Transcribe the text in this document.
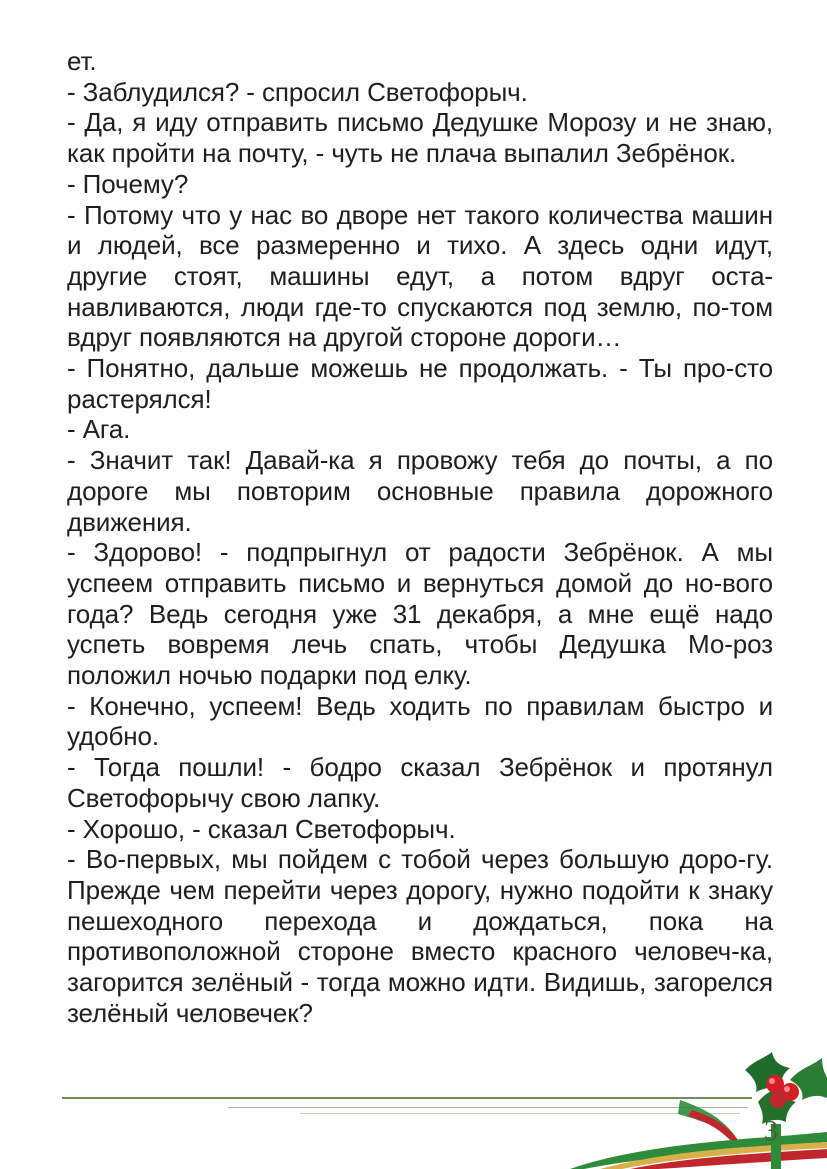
ет.

- Заблудился? - спросил Светофорыч.

- Да, я иду отправить письмо Дедушке Морозу и не знаю, как пройти на почту, - чуть не плача выпалил Зебрёнок.

- Почему?

- Потому что у нас во дворе нет такого количества машин и людей, все размеренно и тихо. А здесь одни идут, другие стоят, машины едут, а потом вдруг оста-навливаются, люди где-то спускаются под землю, по-том вдруг появляются на другой стороне дороги…

- Понятно, дальше можешь не продолжать. - Ты про-сто растерялся!

- Ага.

- Значит так! Давай-ка я провожу тебя до почты, а по дороге мы повторим основные правила дорожного движения.

- Здорово! - подпрыгнул от радости Зебрёнок. А мы успеем отправить письмо и вернуться домой до но-вого года? Ведь сегодня уже 31 декабря, а мне ещё надо успеть вовремя лечь спать, чтобы Дедушка Мо-роз положил ночью подарки под елку.

- Конечно, успеем! Ведь ходить по правилам быстро и удобно.

- Тогда пошли! - бодро сказал Зебрёнок и протянул Светофорычу свою лапку.

- Хорошо, - сказал Светофорыч.

- Во-первых, мы пойдем с тобой через большую доро-гу. Прежде чем перейти через дорогу, нужно подойти к знаку пешеходного перехода и дождаться, пока на противоположной стороне вместо красного человеч-ка, загорится зелёный - тогда можно идти. Видишь, загорелся зелёный человечек?

3
